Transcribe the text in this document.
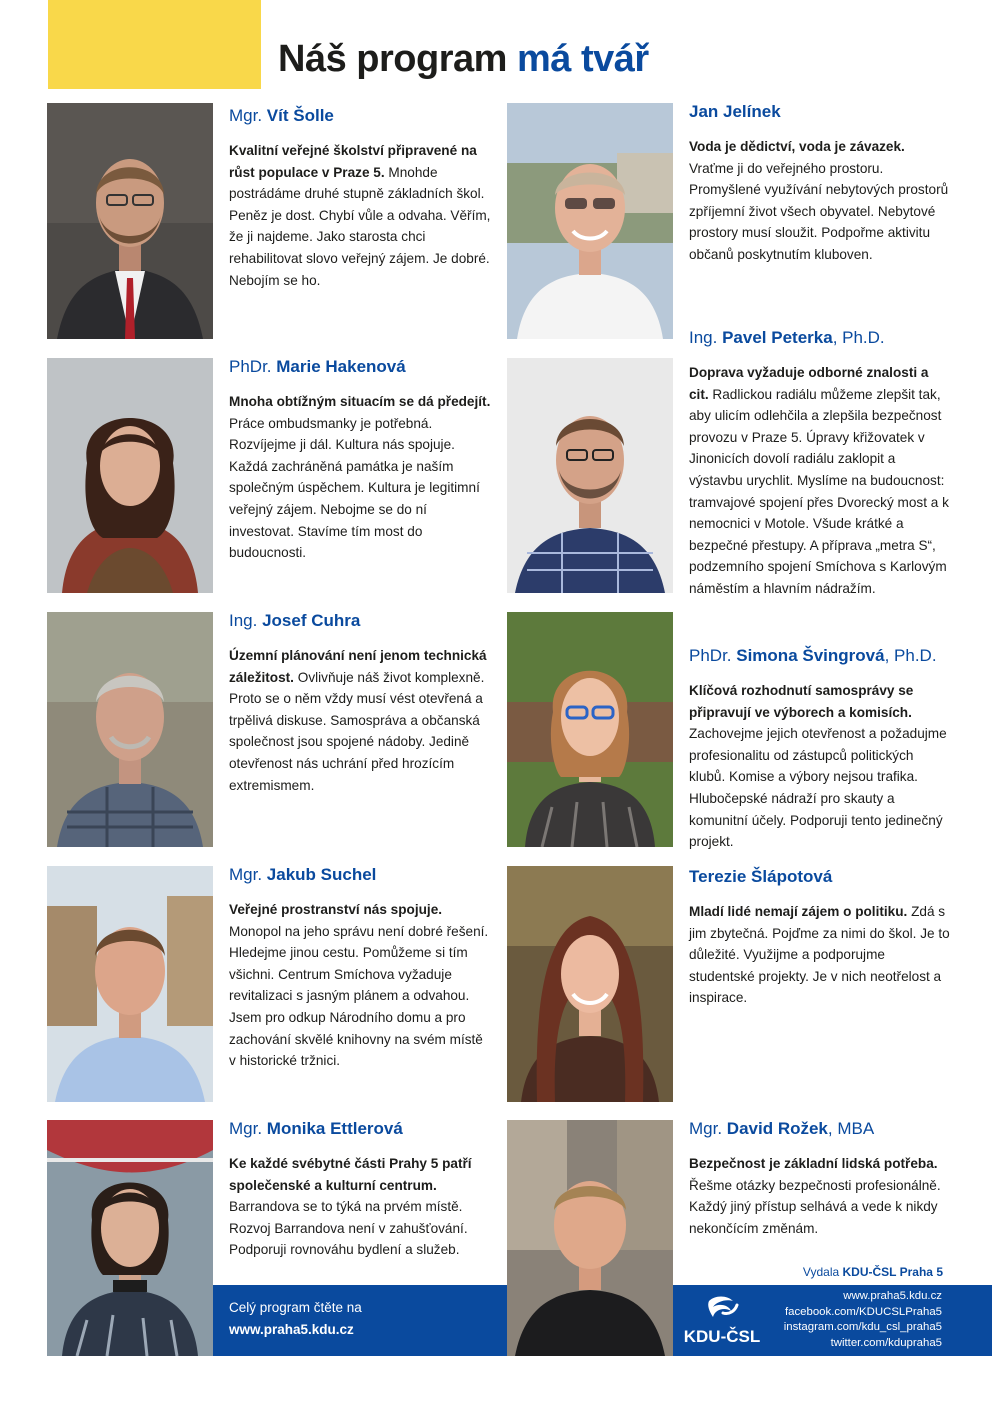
Náš program má tvář
Mgr. Vít Šolle
Kvalitní veřejné školství připravené na růst populace v Praze 5. Mnohde postrádáme druhé stupně základních škol. Peněz je dost. Chybí vůle a odvaha. Věřím, že ji najdeme. Jako starosta chci rehabilitovat slovo veřejný zájem. Je dobré. Nebojím se ho.
PhDr. Marie Hakenová
Mnoha obtížným situacím se dá předejít. Práce ombudsmanky je potřebná. Rozvíjejme ji dál. Kultura nás spojuje. Každá zachráněná památka je naším společným úspěchem. Kultura je legitimní veřejný zájem. Nebojme se do ní investovat. Stavíme tím most do budoucnosti.
Ing. Josef Cuhra
Územní plánování není jenom technická záležitost. Ovlivňuje náš život komplexně. Proto se o něm vždy musí vést otevřená a trpělivá diskuse. Samospráva a občanská společnost jsou spojené nádoby. Jedině otevřenost nás uchrání před hrozícím extremismem.
Mgr. Jakub Suchel
Veřejné prostranství nás spojuje. Monopol na jeho správu není dobré řešení. Hledejme jinou cestu. Pomůžeme si tím všichni. Centrum Smíchova vyžaduje revitalizaci s jasným plánem a odvahou. Jsem pro odkup Národního domu a pro zachování skvělé knihovny na svém místě v historické tržnici.
Mgr. Monika Ettlerová
Ke každé svébytné části Prahy 5 patří společenské a kulturní centrum. Barrandova se to týká na prvém místě. Rozvoj Barrandova není v zahušťování. Podporuji rovnováhu bydlení a služeb.
Celý program čtěte na
www.praha5.kdu.cz
Jan Jelínek
Voda je dědictví, voda je závazek. Vraťme ji do veřejného prostoru. Promyšlené využívání nebytových prostorů zpříjemní život všech obyvatel. Nebytové prostory musí sloužit. Podpořme aktivitu občanů poskytnutím kluboven.
Ing. Pavel Peterka, Ph.D.
Doprava vyžaduje odborné znalosti a cit. Radlickou radiálu můžeme zlepšit tak, aby ulicím odlehčila a zlepšila bezpečnost provozu v Praze 5. Úpravy křižovatek v Jinonicích dovolí radiálu zaklopit a výstavbu urychlit. Myslíme na budoucnost: tramvajové spojení přes Dvorecký most a k nemocnici v Motole. Všude krátké a bezpečné přestupy. A příprava „metra S“, podzemního spojení Smíchova s Karlovým náměstím a hlavním nádražím.
PhDr. Simona Švingrová, Ph.D.
Klíčová rozhodnutí samosprávy se připravují ve výborech a komisích. Zachovejme jejich otevřenost a požadujme profesionalitu od zástupců politických klubů. Komise a výbory nejsou trafika. Hlubočepské nádraží pro skauty a komunitní účely. Podporuji tento jedinečný projekt.
Terezie Šlápotová
Mladí lidé nemají zájem o politiku. Zdá s jim zbytečná. Pojďme za nimi do škol. Je to důležité. Využijme a podporujme studentské projekty. Je v nich neotřelost a inspirace.
Mgr. David Rožek, MBA
Bezpečnost je základní lidská potřeba. Řešme otázky bezpečnosti profesionálně. Každý jiný přístup selhává a vede k nikdy nekončícím změnám.
Vydala KDU-ČSL Praha 5
KDU-ČSL
www.praha5.kdu.cz
facebook.com/KDUCSLPraha5
instagram.com/kdu_csl_praha5
twitter.com/kdupraha5
